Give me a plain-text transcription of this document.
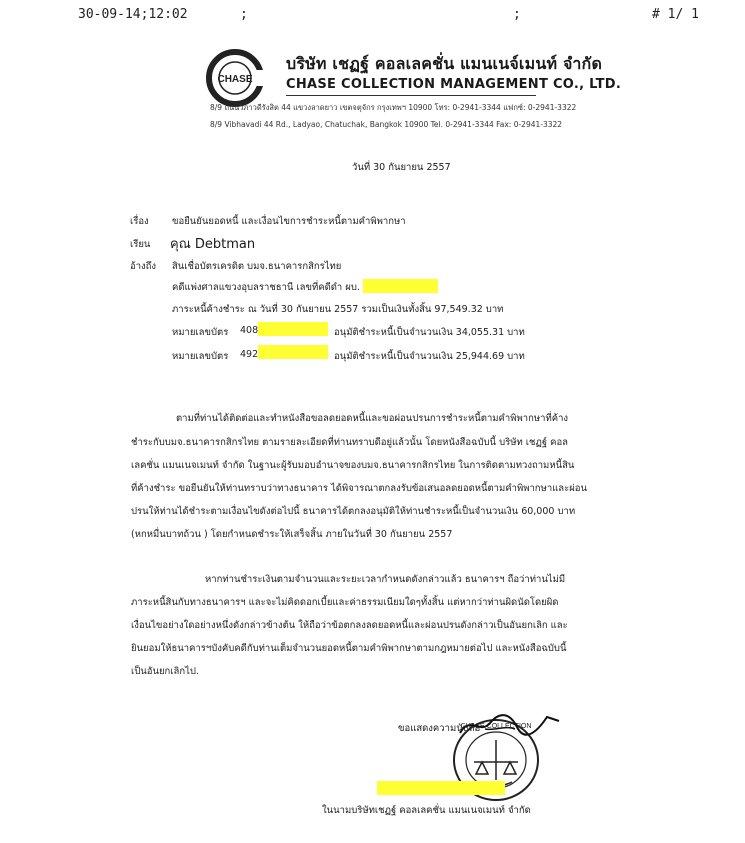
30-09-14;12:02	;	;	# 1/ 1
CHASE
บริษัท เชฏฐ์ คอลเลคชั่น แมนเนจ์เมนท์ จำกัด
CHASE COLLECTION MANAGEMENT CO., LTD.
8/9 ถนนวิภาวดีรังสิต 44 แขวงลาดยาว เขตจตุจักร กรุงเทพฯ 10900 โทร: 0-2941-3344 แฟกซ์: 0-2941-3322
8/9 Vibhavadi 44 Rd., Ladyao, Chatuchak, Bangkok 10900 Tel. 0-2941-3344 Fax: 0-2941-3322
วันที่ 30 กันยายน 2557
เรื่อง ขอยืนยันยอดหนี้ และเงื่อนไขการชำระหนี้ตามคำพิพากษา
เรียน คุณ Debtman
อ้างถึง สินเชื่อบัตรเครดิต บมจ.ธนาคารกสิกรไทย
คดีแพ่งศาลแขวงอุบลราชธานี เลขที่คดีดำ ผบ.
ภาระหนี้ค้างชำระ ณ วันที่ 30 กันยายน 2557 รวมเป็นเงินทั้งสิ้น 97,549.32 บาท
หมายเลขบัตร 408	อนุมัติชำระหนี้เป็นจำนวนเงิน 34,055.31 บาท
หมายเลขบัตร 492	อนุมัติชำระหนี้เป็นจำนวนเงิน 25,944.69 บาท
ตามที่ท่านได้ติดต่อและทำหนังสือขอลดยอดหนี้และขอผ่อนปรนการชำระหนี้ตามคำพิพากษาที่ค้าง
ชำระกับบมจ.ธนาคารกสิกรไทย ตามรายละเอียดที่ท่านทราบดีอยู่แล้วนั้น โดยหนังสือฉบับนี้ บริษัท เชฏฐ์ คอล
เลคชั่น แมนเนจเมนท์ จำกัด ในฐานะผู้รับมอบอำนาจของบมจ.ธนาคารกสิกรไทย ในการติดตามทวงถามหนี้สิน
ที่ค้างชำระ ขอยืนยันให้ท่านทราบว่าทางธนาคาร ได้พิจารณาตกลงรับข้อเสนอลดยอดหนี้ตามคำพิพากษาและผ่อน
ปรนให้ท่านได้ชำระตามเงื่อนไขดังต่อไปนี้ ธนาคารได้ตกลงอนุมัติให้ท่านชำระหนี้เป็นจำนวนเงิน 60,000 บาท
(หกหมื่นบาทถ้วน ) โดยกำหนดชำระให้เสร็จสิ้น ภายในวันที่ 30 กันยายน 2557
หากท่านชำระเงินตามจำนวนและระยะเวลากำหนดดังกล่าวแล้ว ธนาคารฯ ถือว่าท่านไม่มี
ภาระหนี้สินกับทางธนาคารฯ และจะไม่คิดดอกเบี้ยและค่าธรรมเนียมใดๆทั้งสิ้น แต่หากว่าท่านผิดนัดโดยผิด
เงื่อนไขอย่างใดอย่างหนึ่งดังกล่าวข้างต้น ให้ถือว่าข้อตกลงลดยอดหนี้และผ่อนปรนดังกล่าวเป็นอันยกเลิก และ
ยินยอมให้ธนาคารฯบังคับคดีกับท่านเต็มจำนวนยอดหนี้ตามคำพิพากษาตามกฎหมายต่อไป และหนังสือฉบับนี้
เป็นอันยกเลิกไป.
ขอแสดงความนับถือ
CHASE COLLECTION
ในนามบริษัทเชฏฐ์ คอลเลคชั่น แมนเนจเมนท์ จำกัด
